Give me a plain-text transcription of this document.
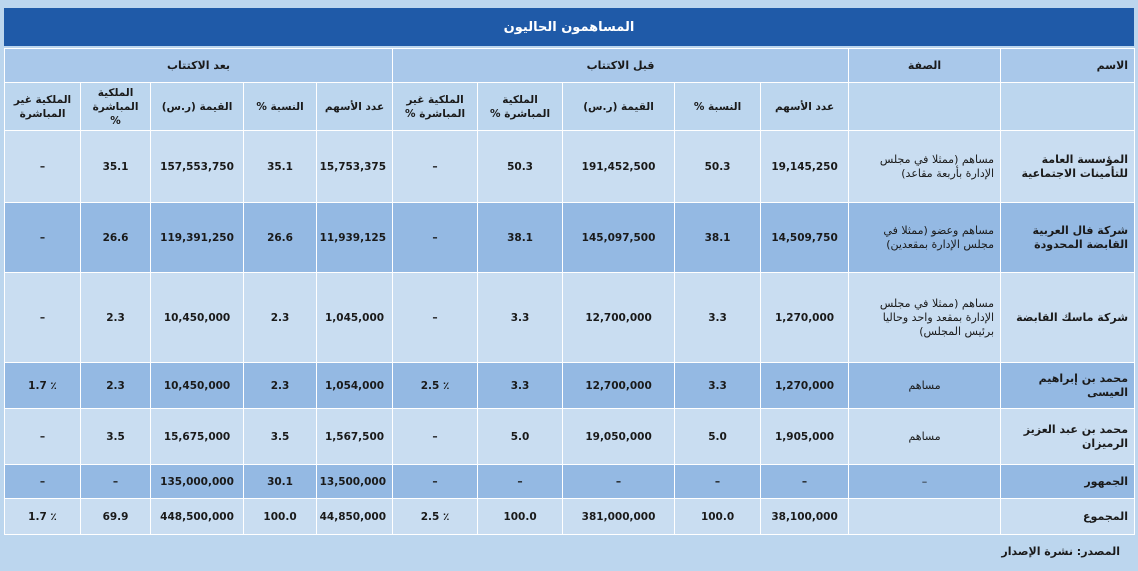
المساهمون الحاليون
الاسم	الصفة	قبل الاكتتاب					بعد الاكتتاب				
		عدد الأسهم	النسبة %	القيمة (ر.س)	الملكية المباشرة %	الملكية غير المباشرة %	عدد الأسهم	النسبة %	القيمة (ر.س)	الملكية المباشرة %	الملكية غير المباشرة
المؤسسة العامة للتأمينات الاجتماعية	مساهم (ممثلا في مجلس الإدارة بأربعة مقاعد)	19,145,250	50.3	191,452,500	50.3	–	15,753,375	35.1	157,553,750	35.1	–
شركة فال العربية القابضة المحدودة	مساهم وعضو (ممثلا في مجلس الإدارة بمقعدين)	14,509,750	38.1	145,097,500	38.1	–	11,939,125	26.6	119,391,250	26.6	–
شركة ماسك القابضة	مساهم (ممثلا في مجلس الإدارة بمقعد واحد وحاليا برئيس المجلس)	1,270,000	3.3	12,700,000	3.3	–	1,045,000	2.3	10,450,000	2.3	–
محمد بن إبراهيم العيسى	مساهم	1,270,000	3.3	12,700,000	3.3	٪ 2.5	1,054,000	2.3	10,450,000	2.3	٪ 1.7
محمد بن عبد العزيز الرميزان	مساهم	1,905,000	5.0	19,050,000	5.0	–	1,567,500	3.5	15,675,000	3.5	–
الجمهور	–	–	–	–	–	–	13,500,000	30.1	135,000,000	–	–
المجموع		38,100,000	100.0	381,000,000	100.0	٪ 2.5	44,850,000	100.0	448,500,000	69.9	٪ 1.7
المصدر: نشرة الإصدار
